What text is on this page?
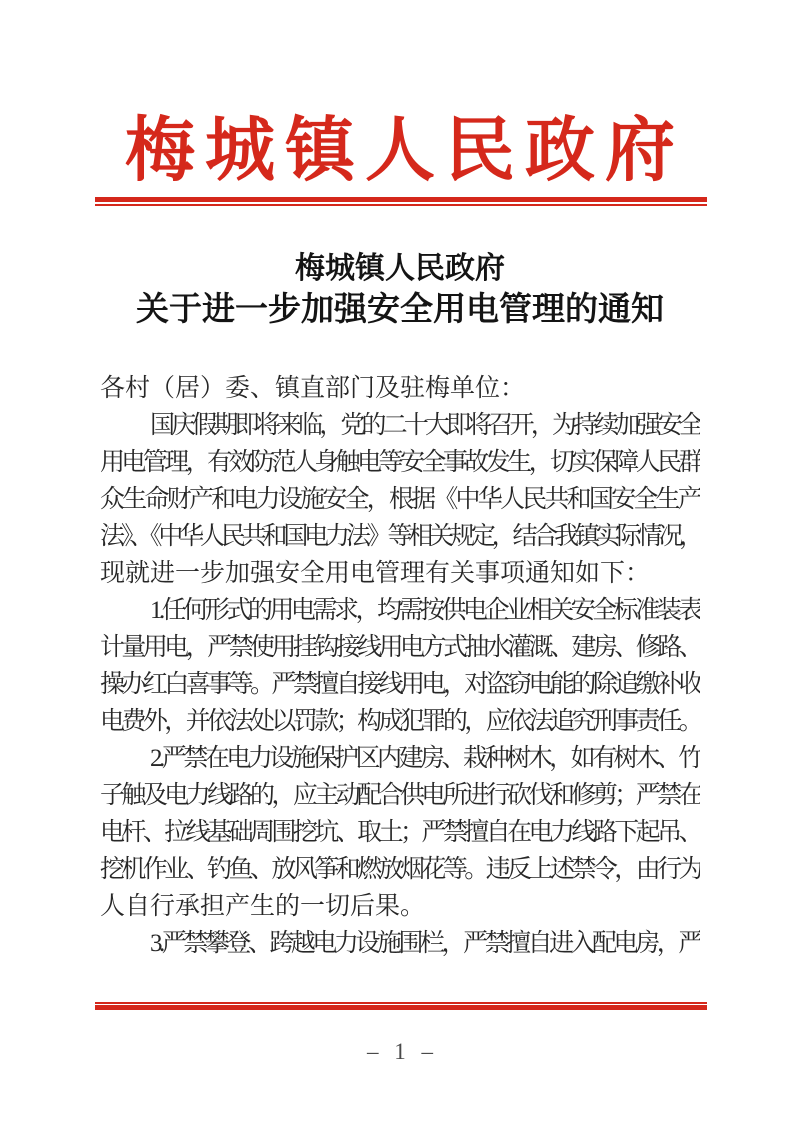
梅城镇人民政府
梅城镇人民政府
关于进一步加强安全用电管理的通知
各村（居）委、镇直部门及驻梅单位：
国庆假期即将来临，党的二十大即将召开，为持续加强安全
用电管理，有效防范人身触电等安全事故发生，切实保障人民群
众生命财产和电力设施安全，根据《中华人民共和国安全生产
法》、《中华人民共和国电力法》等相关规定，结合我镇实际情况，
现就进一步加强安全用电管理有关事项通知如下：
1.任何形式的用电需求，均需按供电企业相关安全标准装表
计量用电，严禁使用挂钩接线用电方式抽水灌溉、建房、修路、
操办红白喜事等。严禁擅自接线用电，对盗窃电能的除追缴补收
电费外，并依法处以罚款；构成犯罪的，应依法追究刑事责任。
2.严禁在电力设施保护区内建房、栽种树木，如有树木、竹
子触及电力线路的，应主动配合供电所进行砍伐和修剪；严禁在
电杆、拉线基础周围挖坑、取土；严禁擅自在电力线路下起吊、
挖机作业、钓鱼、放风筝和燃放烟花等。违反上述禁令，由行为
人自行承担产生的一切后果。
3.严禁攀登、跨越电力设施围栏，严禁擅自进入配电房，严
– 1 –
